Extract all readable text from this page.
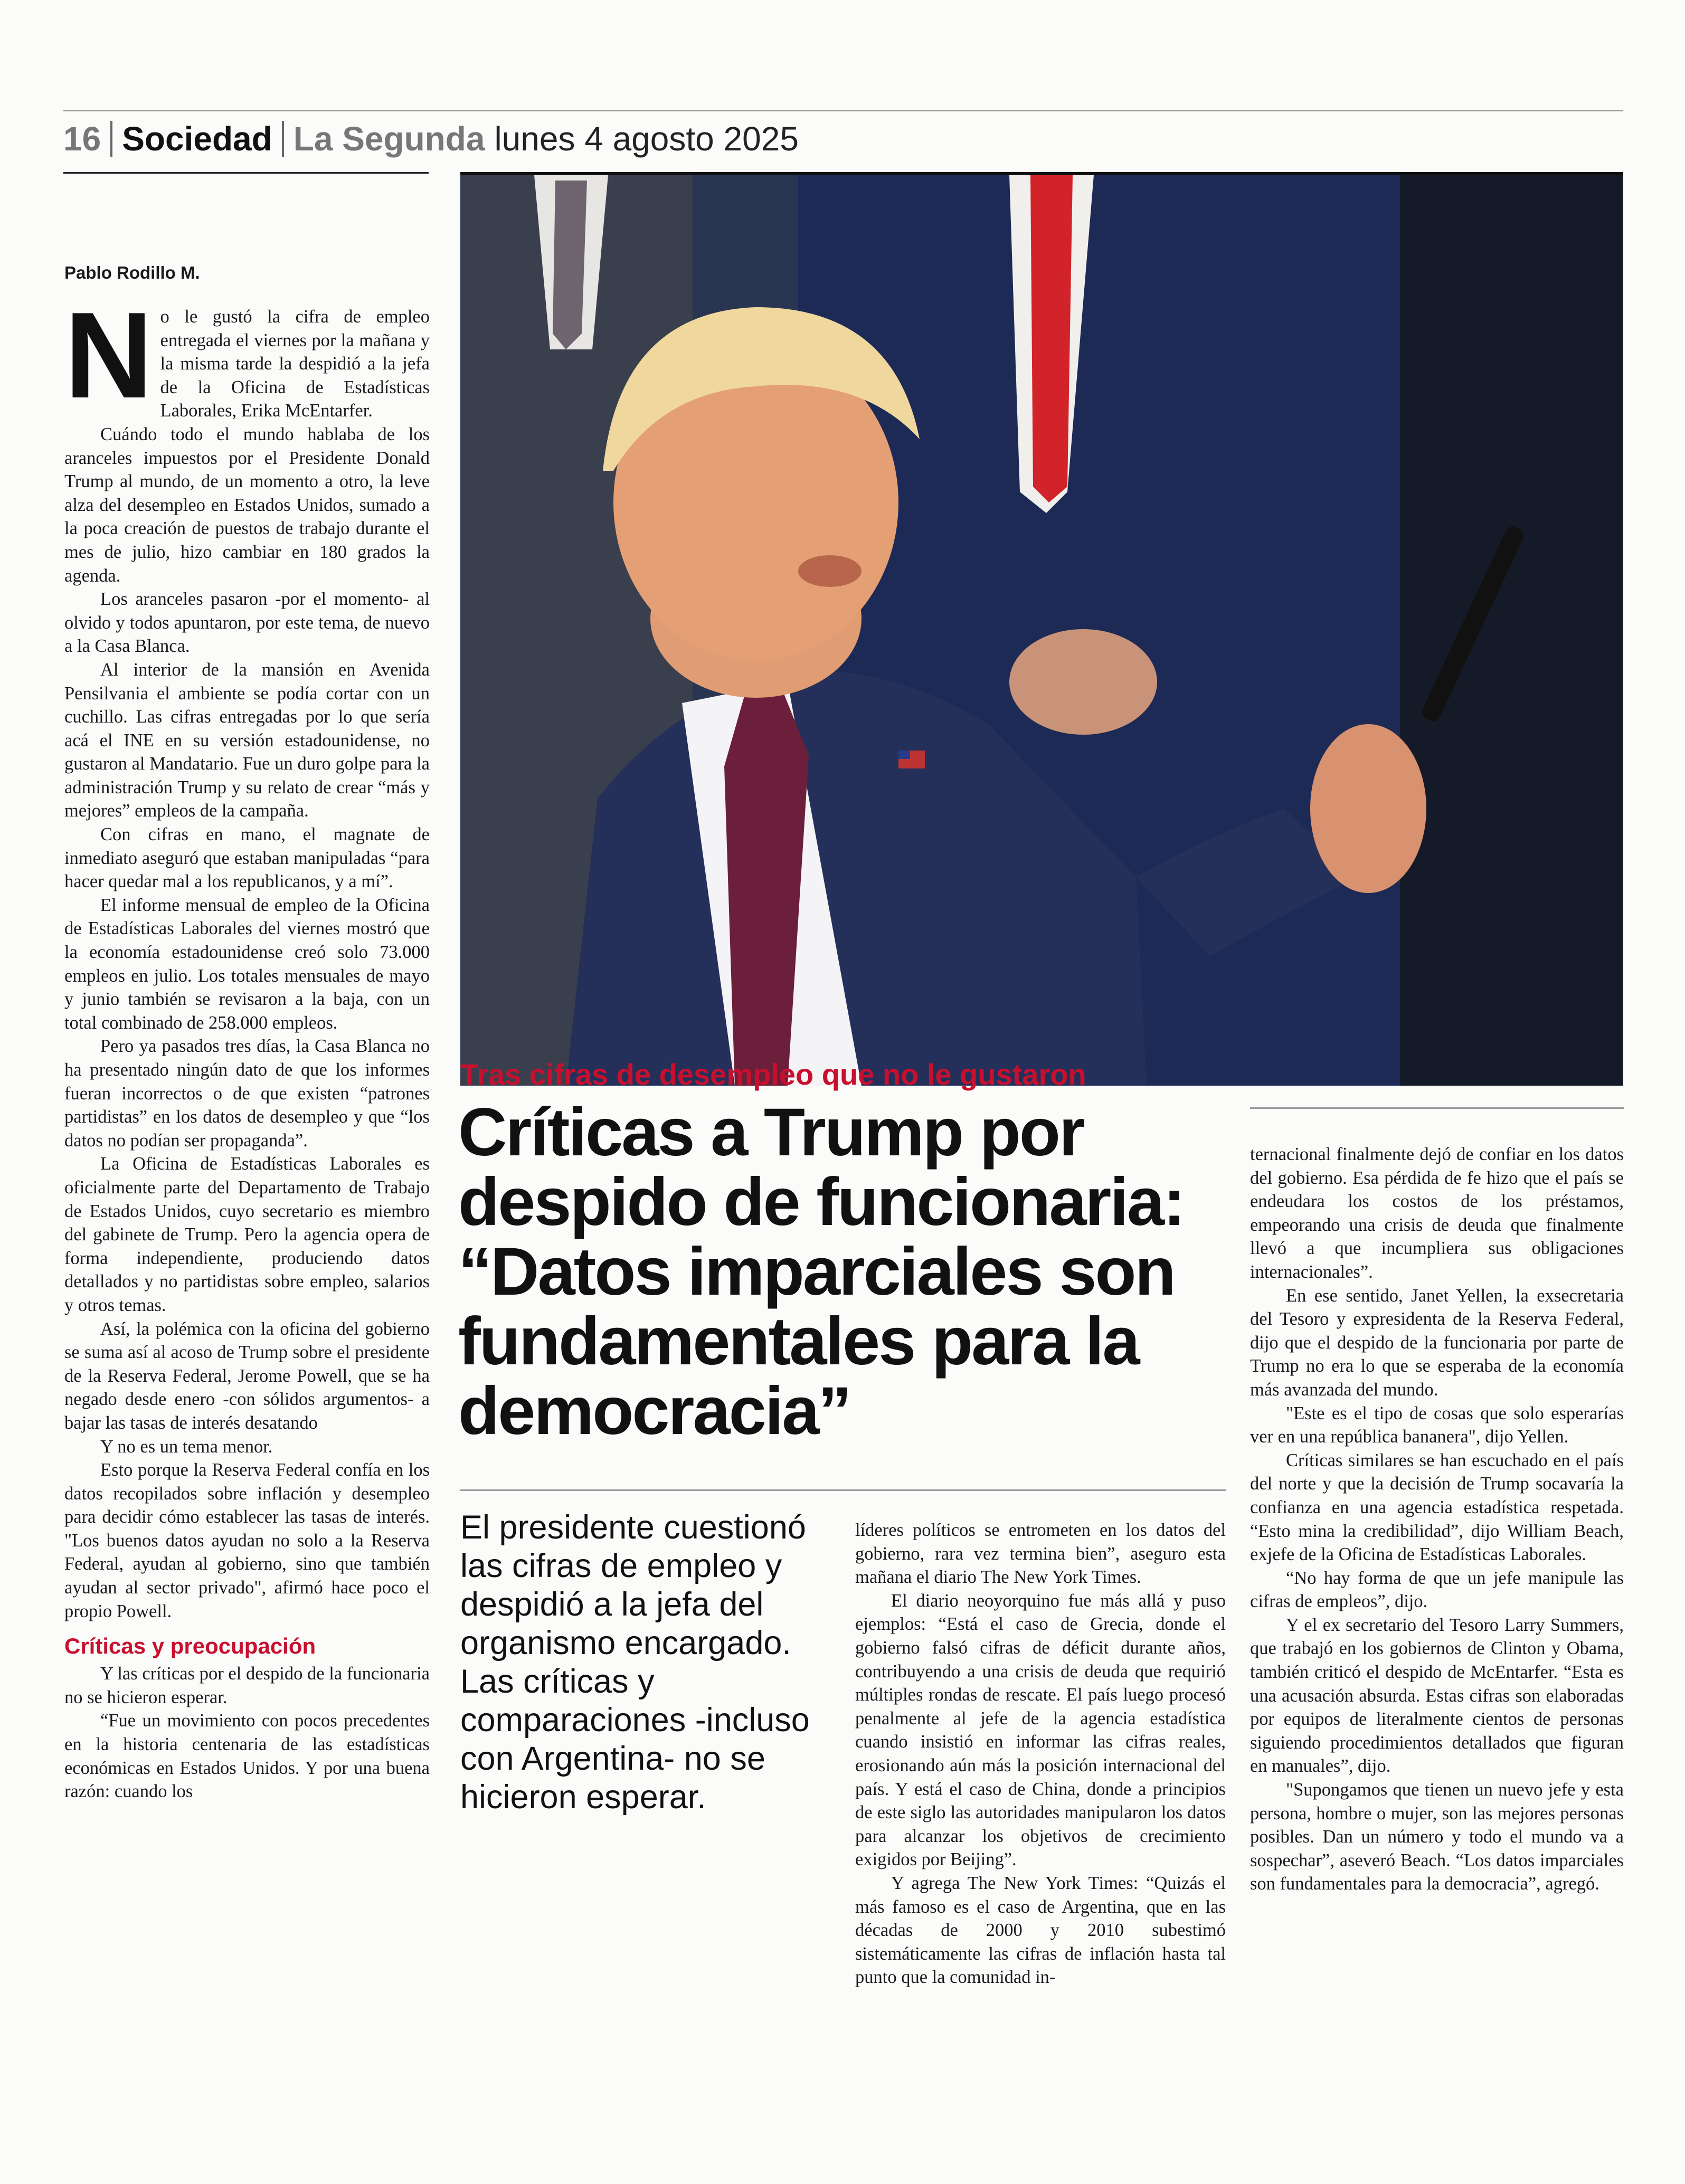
16 Sociedad La Segunda lunes 4 agosto 2025
Pablo Rodillo M.
N o le gustó la cifra de empleo entregada el viernes por la mañana y la misma tarde la despidió a la jefa de la Oficina de Estadísticas Laborales, Erika McEntarfer.

Cuándo todo el mundo hablaba de los aranceles impuestos por el Presidente Donald Trump al mundo, de un momento a otro, la leve alza del desempleo en Estados Unidos, sumado a la poca creación de puestos de trabajo durante el mes de julio, hizo cambiar en 180 grados la agenda.

Los aranceles pasaron -por el momento- al olvido y todos apuntaron, por este tema, de nuevo a la Casa Blanca.

Al interior de la mansión en Avenida Pensilvania el ambiente se podía cortar con un cuchillo. Las cifras entregadas por lo que sería acá el INE en su versión estadounidense, no gustaron al Mandatario. Fue un duro golpe para la administración Trump y su relato de crear “más y mejores” empleos de la campaña.

Con cifras en mano, el magnate de inmediato aseguró que estaban manipuladas “para hacer quedar mal a los republicanos, y a mí”.

El informe mensual de empleo de la Oficina de Estadísticas Laborales del viernes mostró que la economía estadounidense creó solo 73.000 empleos en julio. Los totales mensuales de mayo y junio también se revisaron a la baja, con un total combinado de 258.000 empleos.

Pero ya pasados tres días, la Casa Blanca no ha presentado ningún dato de que los informes fueran incorrectos o de que existen “patrones partidistas” en los datos de desempleo y que “los datos no podían ser propaganda”.

La Oficina de Estadísticas Laborales es oficialmente parte del Departamento de Trabajo de Estados Unidos, cuyo secretario es miembro del gabinete de Trump. Pero la agencia opera de forma independiente, produciendo datos detallados y no partidistas sobre empleo, salarios y otros temas.

Así, la polémica con la oficina del gobierno se suma así al acoso de Trump sobre el presidente de la Reserva Federal, Jerome Powell, que se ha negado desde enero -con sólidos argumentos- a bajar las tasas de interés desatando

Y no es un tema menor.

Esto porque la Reserva Federal confía en los datos recopilados sobre inflación y desempleo para decidir cómo establecer las tasas de interés. "Los buenos datos ayudan no solo a la Reserva Federal, ayudan al gobierno, sino que también ayudan al sector privado", afirmó hace poco el propio Powell.

Críticas y preocupación

Y las críticas por el despido de la funcionaria no se hicieron esperar.

“Fue un movimiento con pocos precedentes en la historia centenaria de las estadísticas económicas en Estados Unidos. Y por una buena razón: cuando los

Tras cifras de desempleo que no le gustaron
Críticas a Trump por
despido de funcionaria:
“Datos imparciales son
fundamentales para la
democracia”
El presidente cuestionó las cifras de empleo y despidió a la jefa del organismo encargado. Las críticas y comparaciones -incluso con Argentina- no se hicieron esperar.

líderes políticos se entrometen en los datos del gobierno, rara vez termina bien”, aseguro esta mañana el diario The New York Times.

El diario neoyorquino fue más allá y puso ejemplos: “Está el caso de Grecia, donde el gobierno falsó cifras de déficit durante años, contribuyendo a una crisis de deuda que requirió múltiples rondas de rescate. El país luego procesó penalmente al jefe de la agencia estadística cuando insistió en informar las cifras reales, erosionando aún más la posición internacional del país. Y está el caso de China, donde a principios de este siglo las autoridades manipularon los datos para alcanzar los objetivos de crecimiento exigidos por Beijing”.

Y agrega The New York Times: “Quizás el más famoso es el caso de Argentina, que en las décadas de 2000 y 2010 subestimó sistemáticamente las cifras de inflación hasta tal punto que la comunidad in-

ternacional finalmente dejó de confiar en los datos del gobierno. Esa pérdida de fe hizo que el país se endeudara los costos de los préstamos, empeorando una crisis de deuda que finalmente llevó a que incumpliera sus obligaciones internacionales”.

En ese sentido, Janet Yellen, la exsecretaria del Tesoro y expresidenta de la Reserva Federal, dijo que el despido de la funcionaria por parte de Trump no era lo que se esperaba de la economía más avanzada del mundo.

"Este es el tipo de cosas que solo esperarías ver en una república bananera", dijo Yellen.

Críticas similares se han escuchado en el país del norte y que la decisión de Trump socavaría la confianza en una agencia estadística respetada. “Esto mina la credibilidad”, dijo William Beach, exjefe de la Oficina de Estadísticas Laborales.

“No hay forma de que un jefe manipule las cifras de empleos”, dijo.

Y el ex secretario del Tesoro Larry Summers, que trabajó en los gobiernos de Clinton y Obama, también criticó el despido de McEntarfer. “Esta es una acusación absurda. Estas cifras son elaboradas por equipos de literalmente cientos de personas siguiendo procedimientos detallados que figuran en manuales”, dijo.

"Supongamos que tienen un nuevo jefe y esta persona, hombre o mujer, son las mejores personas posibles. Dan un número y todo el mundo va a sospechar”, aseveró Beach. “Los datos imparciales son fundamentales para la democracia”, agregó.
